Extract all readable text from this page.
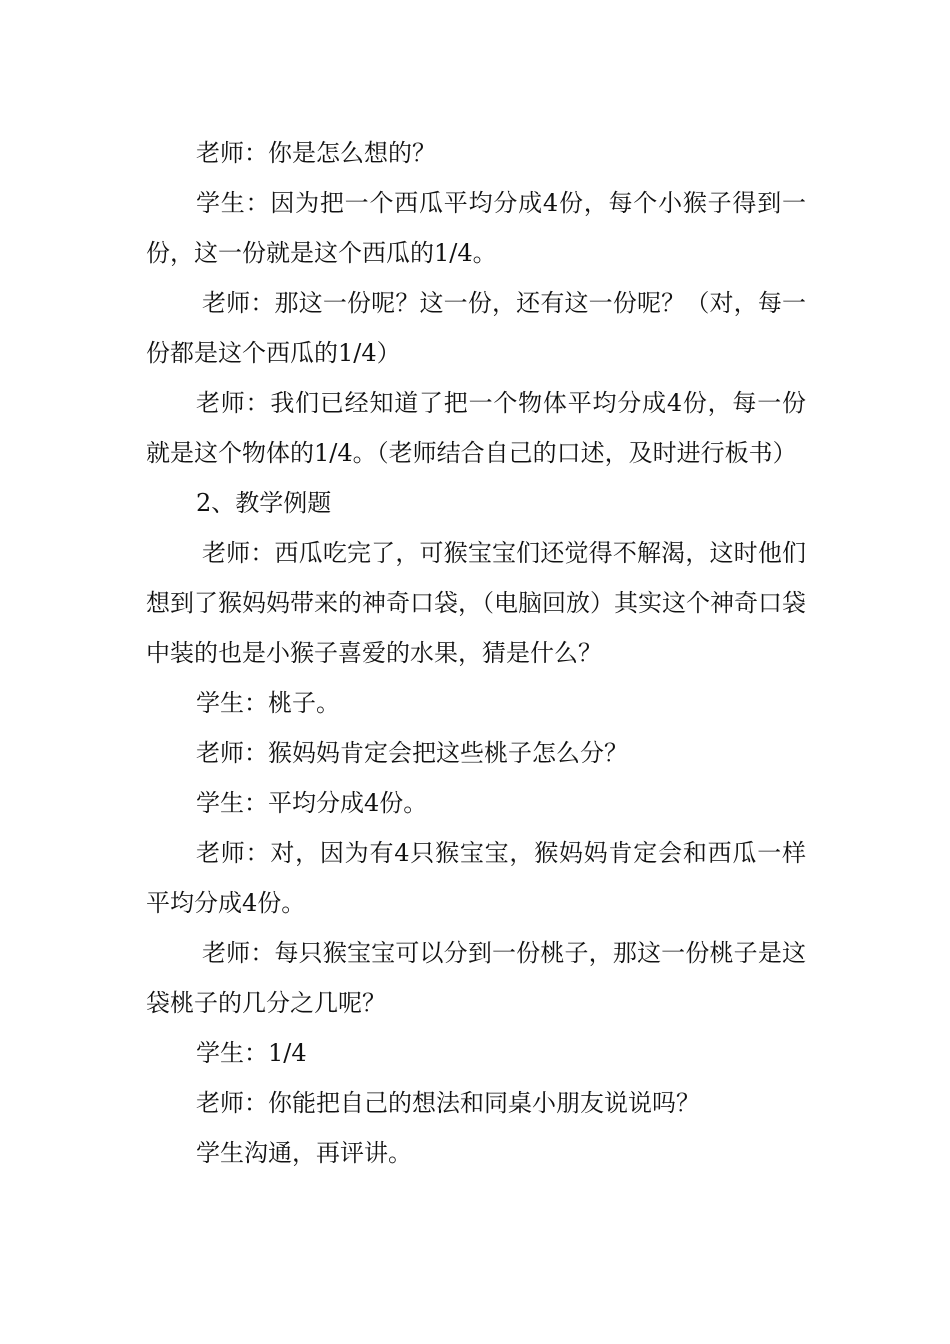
老师：你是怎么想的？

学生：因为把一个西瓜平均分成4份，每个小猴子得到一份，这一份就是这个西瓜的1/4。

老师：那这一份呢？这一份，还有这一份呢？（对，每一份都是这个西瓜的1/4）

老师：我们已经知道了把一个物体平均分成4份，每一份就是这个物体的1/4。（老师结合自己的口述，及时进行板书）

2、教学例题

老师：西瓜吃完了，可猴宝宝们还觉得不解渴，这时他们想到了猴妈妈带来的神奇口袋，（电脑回放）其实这个神奇口袋中装的也是小猴子喜爱的水果，猜是什么？

学生：桃子。

老师：猴妈妈肯定会把这些桃子怎么分？

学生：平均分成4份。

老师：对，因为有4只猴宝宝，猴妈妈肯定会和西瓜一样平均分成4份。

老师：每只猴宝宝可以分到一份桃子，那这一份桃子是这袋桃子的几分之几呢？

学生：1/4

老师：你能把自己的想法和同桌小朋友说说吗？

学生沟通，再评讲。
